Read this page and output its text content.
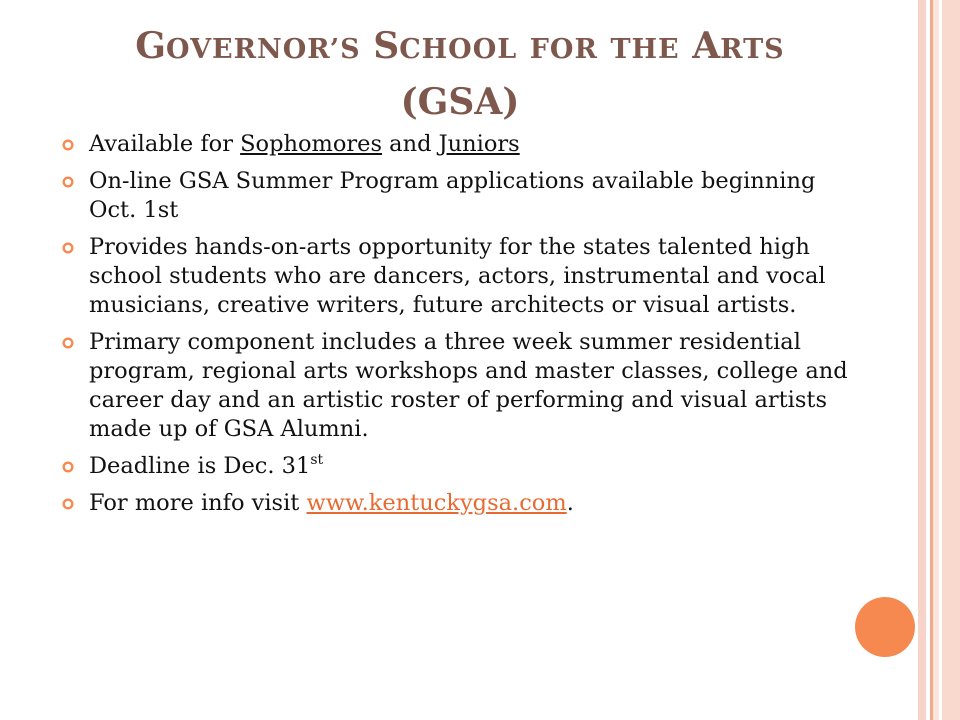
GOVERNOR’S SCHOOL FOR THE ARTS
(GSA)
Available for Sophomores and Juniors
On-line GSA Summer Program applications available beginning Oct. 1st
Provides hands-on-arts opportunity for the states talented high school students who are dancers, actors, instrumental and vocal musicians, creative writers, future architects or visual artists.
Primary component includes a three week summer residential program, regional arts workshops and master classes, college and career day and an artistic roster of performing and visual artists made up of GSA Alumni.
Deadline is Dec. 31st
For more info visit www.kentuckygsa.com.
